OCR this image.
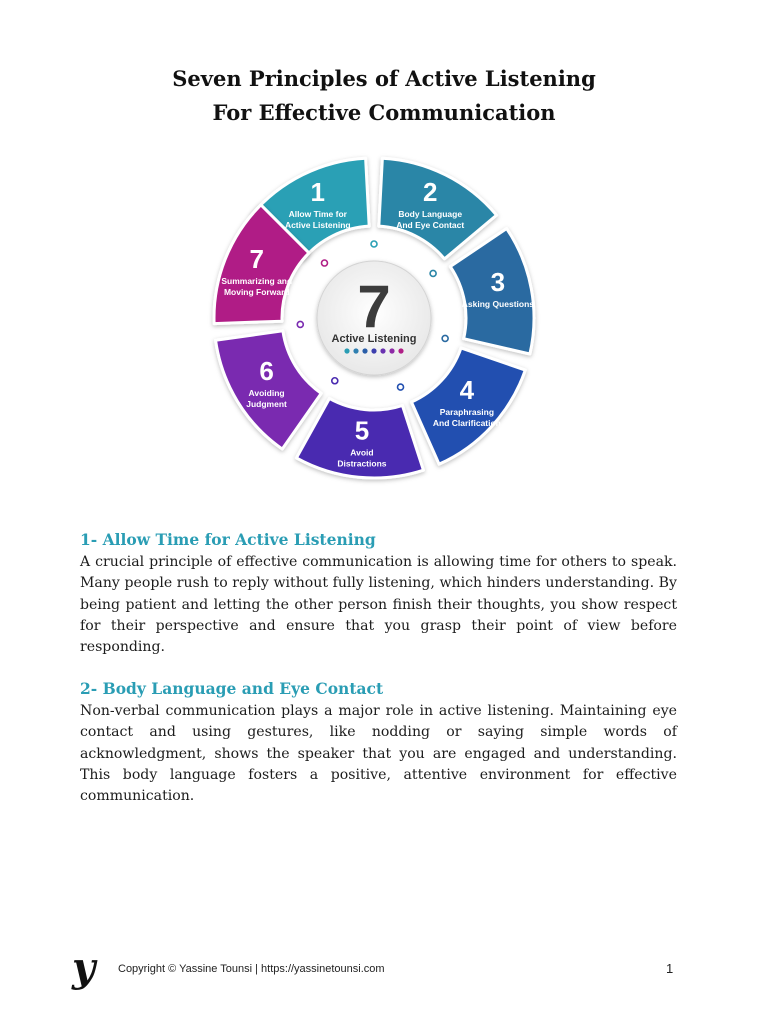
Seven Principles of Active Listening
For Effective Communication
1
Allow Time for
Active Listening
2
Body Language
And Eye Contact
3
Asking Questions
4
Paraphrasing
And Clarification
5
Avoid
Distractions
6
Avoiding
Judgment
7
Summarizing and
Moving Forward 7
Active Listening
1- Allow Time for Active Listening

A crucial principle of effective communication is allowing time for others to speak. Many people rush to reply without fully listening, which hinders understanding. By being patient and letting the other person finish their thoughts, you show respect for their perspective and ensure that you grasp their point of view before responding.

2- Body Language and Eye Contact

Non-verbal communication plays a major role in active listening. Maintaining eye contact and using gestures, like nodding or saying simple words of acknowledgment, shows the speaker that you are engaged and understanding. This body language fosters a positive, attentive environment for effective communication.

y Copyright © Yassine Tounsi | https://yassinetounsi.com	1
